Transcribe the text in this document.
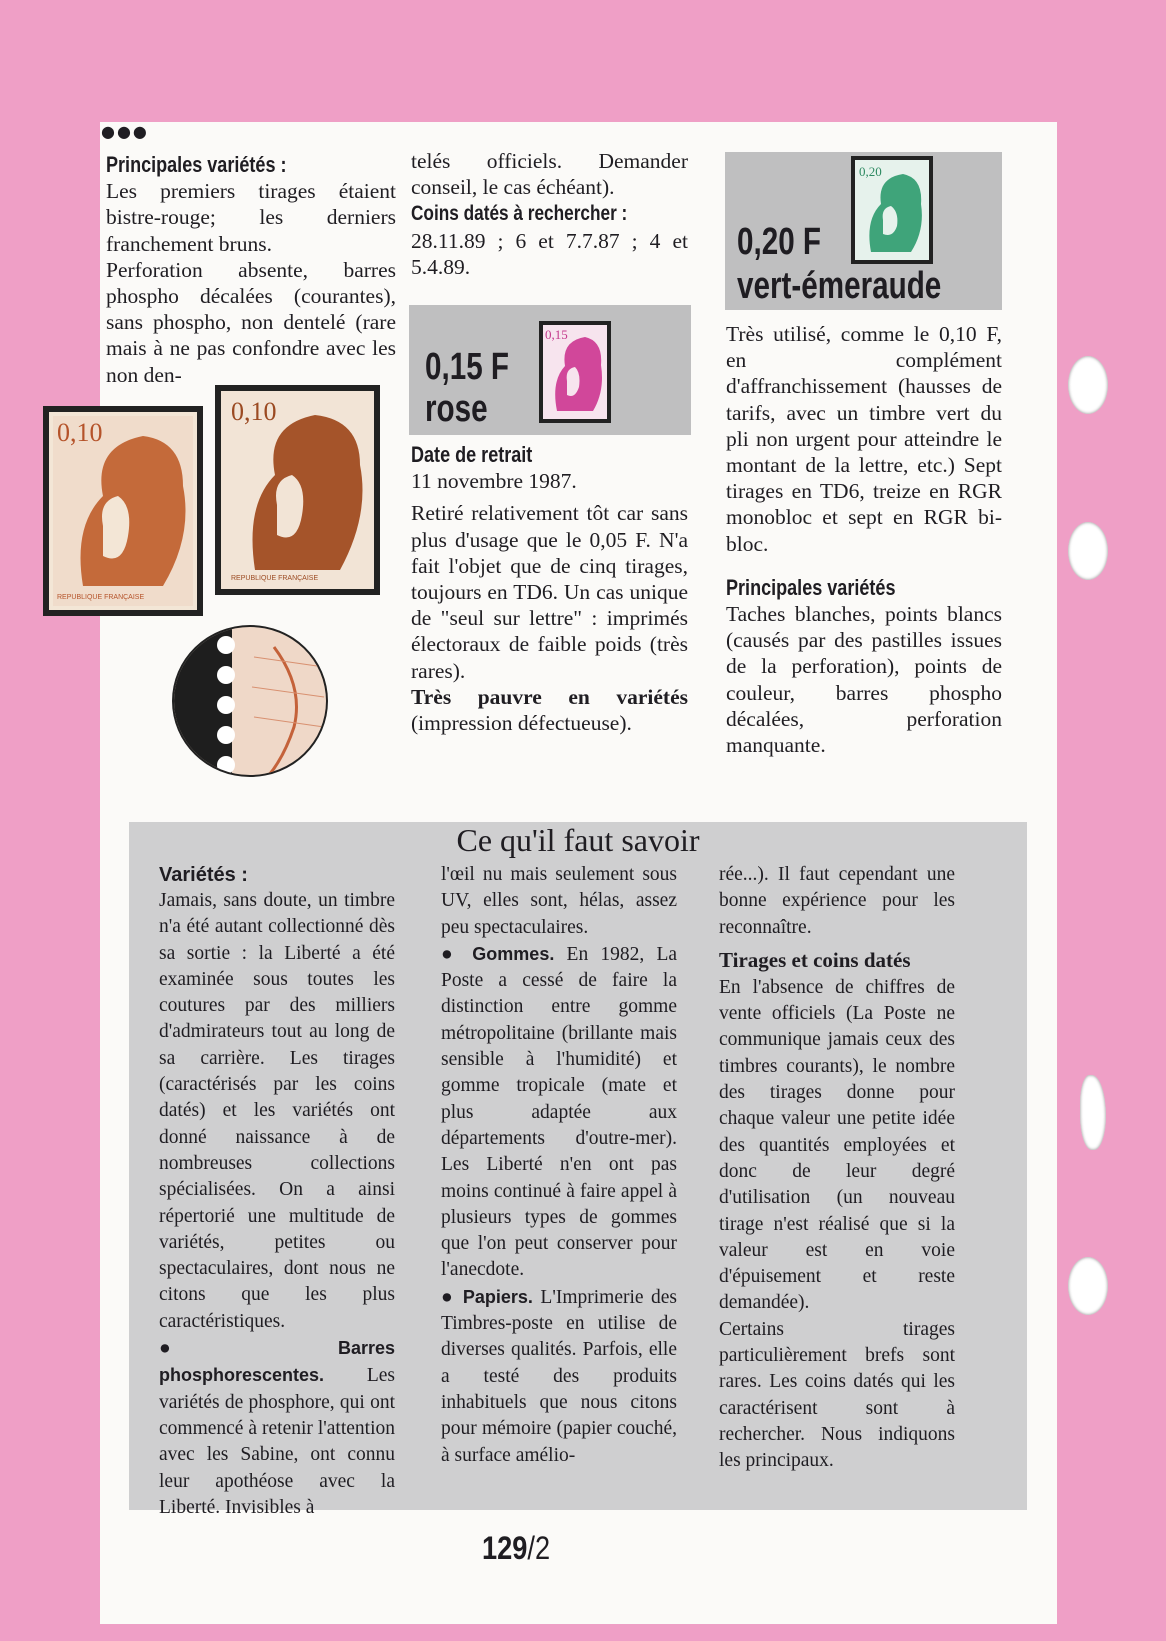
●●●
Principales variétés :

Les premiers tirages étaient bistre-rouge; les derniers franchement bruns.

Perforation absente, barres phospho décalées (courantes), sans phospho, non dentelé (rare mais à ne pas confondre avec les non den-

0,10
REPUBLIQUE FRANÇAISE
0,10
REPUBLIQUE FRANÇAISE

telés officiels. Demander conseil, le cas échéant).

Coins datés à rechercher :

28.11.89 ; 6 et 7.7.87 ; 4 et 5.4.89.

0,15 F
rose
0,15
Date de retrait

11 novembre 1987.

Retiré relativement tôt car sans plus d'usage que le 0,05 F. N'a fait l'objet que de cinq tirages, toujours en TD6. Un cas unique de "seul sur lettre" : imprimés électoraux de faible poids (très rares).

Très pauvre en variétés (impression défectueuse).

0,20 F
vert-émeraude
0,20

Très utilisé, comme le 0,10 F, en complément d'affranchissement (hausses de tarifs, avec un timbre vert du pli non urgent pour atteindre le montant de la lettre, etc.) Sept tirages en TD6, treize en RGR monobloc et sept en RGR bi-bloc.

Principales variétés

Taches blanches, points blancs (causés par des pastilles issues de la perforation), points de couleur, barres phospho décalées, perforation manquante.

Ce qu'il faut savoir
Variétés :

Jamais, sans doute, un timbre n'a été autant collectionné dès sa sortie : la Liberté a été examinée sous toutes les coutures par des milliers d'admirateurs tout au long de sa carrière. Les tirages (caractérisés par les coins datés) et les variétés ont donné naissance à de nombreuses collections spécialisées. On a ainsi répertorié une multitude de variétés, petites ou spectaculaires, dont nous ne citons que les plus caractéristiques.

●	Barres phosphorescentes. Les variétés de phosphore, qui ont commencé à retenir l'attention avec les Sabine, ont connu leur apothéose avec la Liberté. Invisibles à

l'œil nu mais seulement sous UV, elles sont, hélas, assez peu spectaculaires.

● Gommes. En 1982, La Poste a cessé de faire la distinction entre gomme métropolitaine (brillante mais sensible à l'humidité) et gomme tropicale (mate et plus adaptée aux départements d'outre-mer). Les Liberté n'en ont pas moins continué à faire appel à plusieurs types de gommes que l'on peut conserver pour l'anecdote.

● Papiers. L'Imprimerie des Timbres-poste en utilise de diverses qualités. Parfois, elle a testé des produits inhabituels que nous citons pour mémoire (papier couché, à surface amélio-

rée...). Il faut cependant une bonne expérience pour les reconnaître.

Tirages et coins datés

En l'absence de chiffres de vente officiels (La Poste ne communique jamais ceux des timbres courants), le nombre des tirages donne pour chaque valeur une petite idée des quantités employées et donc de leur degré d'utilisation (un nouveau tirage n'est réalisé que si la valeur est en voie d'épuisement et reste demandée).

Certains tirages particulièrement brefs sont rares. Les coins datés qui les caractérisent sont à rechercher. Nous indiquons les principaux.

129/2
